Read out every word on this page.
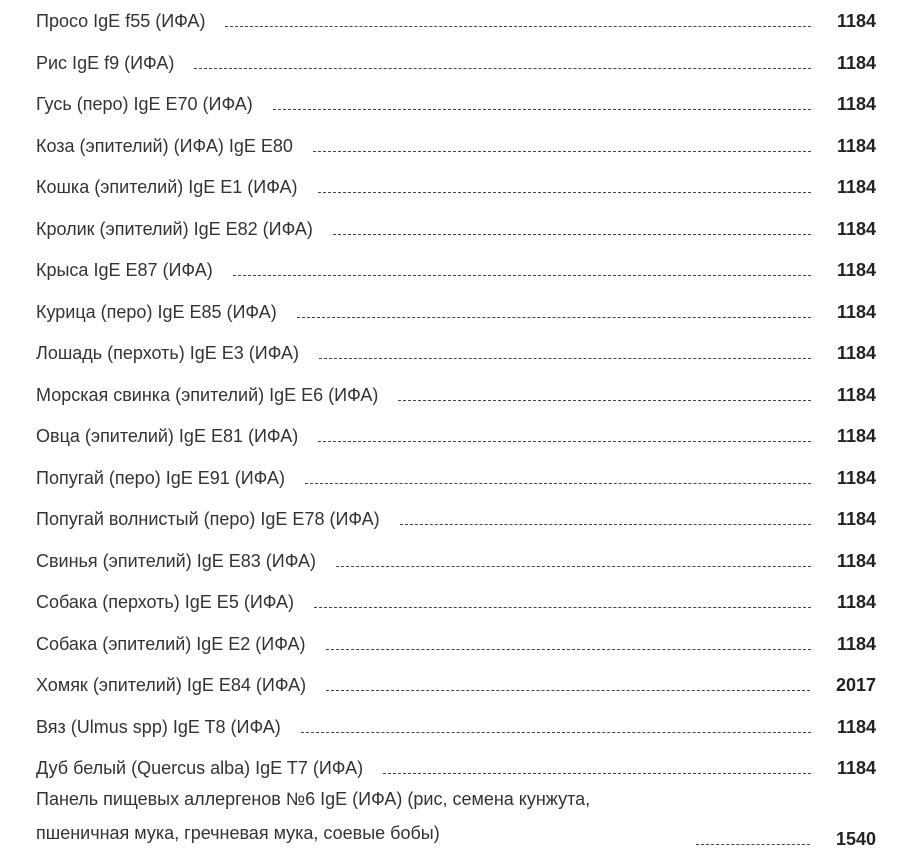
Просо IgE f55 (ИФА)	1184
Рис IgE f9 (ИФА)	1184
Гусь (перо) IgE E70 (ИФА)	1184
Коза (эпителий) (ИФА) IgE E80	1184
Кошка (эпителий) IgE E1 (ИФА)	1184
Кролик (эпителий) IgE E82 (ИФА)	1184
Крыса IgE E87 (ИФА)	1184
Курица (перо) IgE E85 (ИФА)	1184
Лошадь (перхоть) IgE E3 (ИФА)	1184
Морская свинка (эпителий) IgE E6 (ИФА)	1184
Овца (эпителий) IgE E81 (ИФА)	1184
Попугай (перо) IgE E91 (ИФА)	1184
Попугай волнистый (перо) IgE E78 (ИФА)	1184
Свинья (эпителий) IgE E83 (ИФА)	1184
Собака (перхоть) IgE E5 (ИФА)	1184
Собака (эпителий) IgE E2 (ИФА)	1184
Хомяк (эпителий) IgE E84 (ИФА)	2017
Вяз (Ulmus spp) IgE T8 (ИФА)	1184
Дуб белый (Quercus alba) IgE T7 (ИФА)	1184
Панель пищевых аллергенов №6 IgE (ИФА) (рис, семена кунжута, пшеничная мука, гречневая мука, соевые бобы)	1540
